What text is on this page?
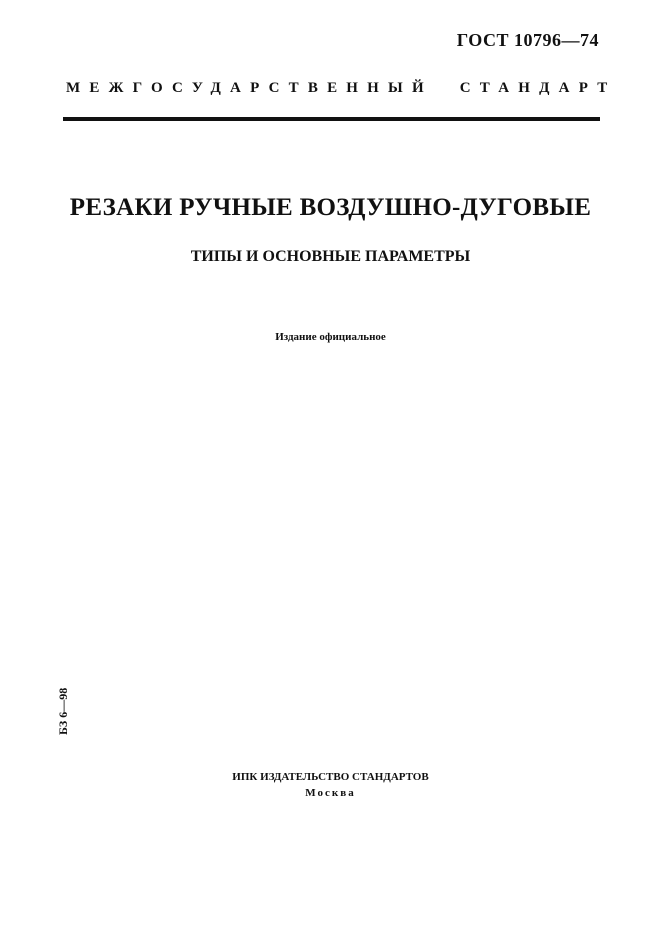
ГОСТ 10796—74
МЕЖГОСУДАРСТВЕННЫЙ СТАНДАРТ
РЕЗАКИ РУЧНЫЕ ВОЗДУШНО-ДУГОВЫЕ
ТИПЫ И ОСНОВНЫЕ ПАРАМЕТРЫ
Издание официальное
БЗ 6—98
ИПК ИЗДАТЕЛЬСТВО СТАНДАРТОВ
Москва
